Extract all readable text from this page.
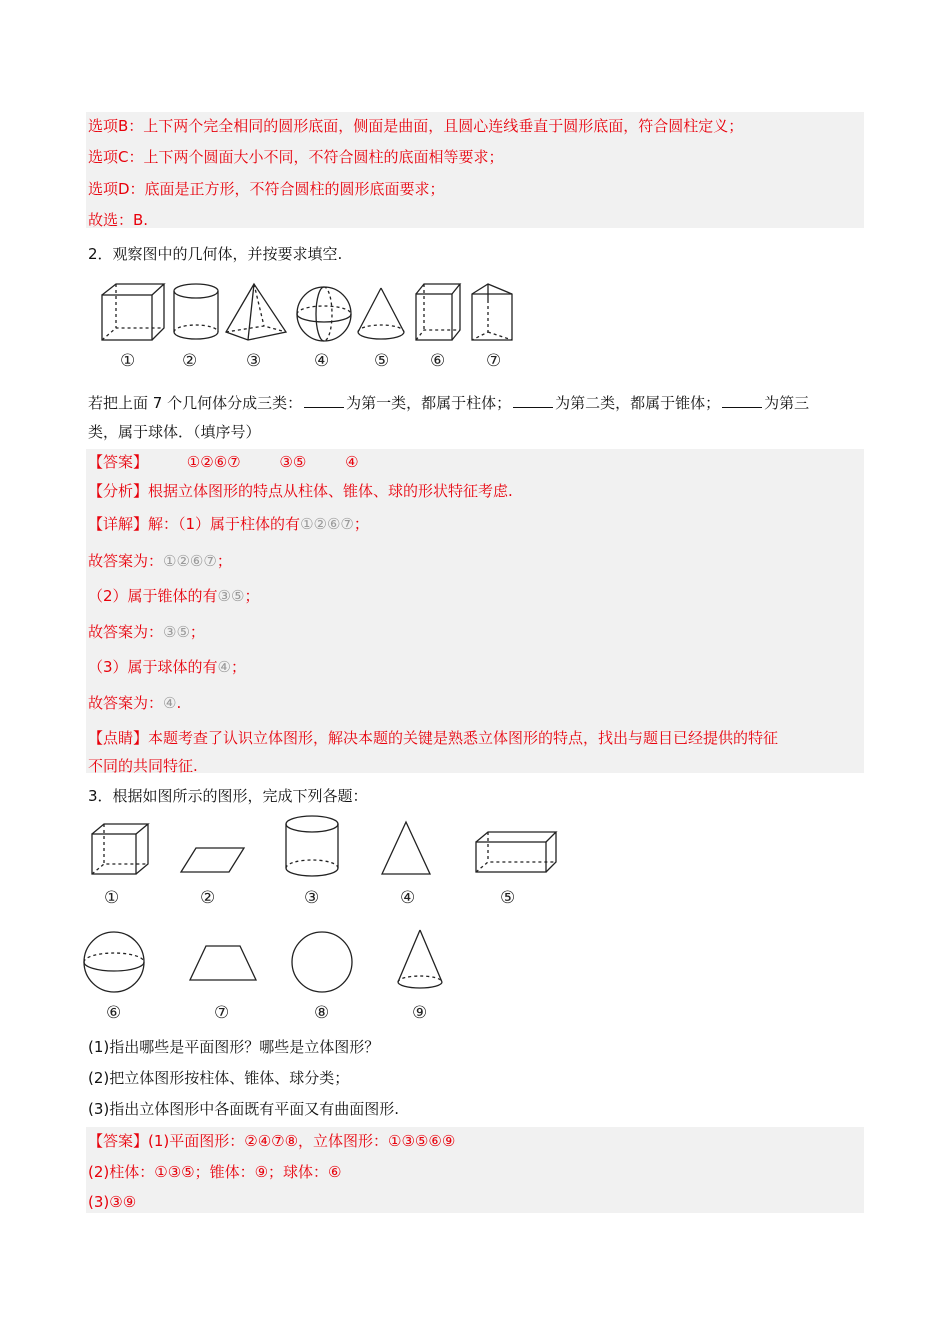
选项B：上下两个完全相同的圆形底面，侧面是曲面，且圆心连线垂直于圆形底面，符合圆柱定义；
选项C：上下两个圆面大小不同，不符合圆柱的底面相等要求；
选项D：底面是正方形，不符合圆柱的圆形底面要求；
故选：B.
2．观察图中的几何体，并按要求填空.
①	②	③	④	⑤ ⑥ ⑦
若把上面 7 个几何体分成三类：	为第一类，都属于柱体；	为第二类，都属于锥体；	为第三
类，属于球体．（填序号）
【答案】	①②⑥⑦	③⑤	④
【分析】根据立体图形的特点从柱体、锥体、球的形状特征考虑.
【详解】解：（1）属于柱体的有①②⑥⑦；
故答案为：①②⑥⑦；
（2）属于锥体的有③⑤；
故答案为：③⑤；
（3）属于球体的有④；
故答案为：④.
【点睛】本题考查了认识立体图形，解决本题的关键是熟悉立体图形的特点，找出与题目已经提供的特征
不同的共同特征.
3．根据如图所示的图形，完成下列各题：
①	②	③	④	⑤
⑥	⑦	⑧	⑨
(1)指出哪些是平面图形？哪些是立体图形？
(2)把立体图形按柱体、锥体、球分类；
(3)指出立体图形中各面既有平面又有曲面图形.
【答案】(1)平面图形：②④⑦⑧，立体图形：①③⑤⑥⑨
(2)柱体：①③⑤；锥体：⑨；球体：⑥
(3)③⑨
